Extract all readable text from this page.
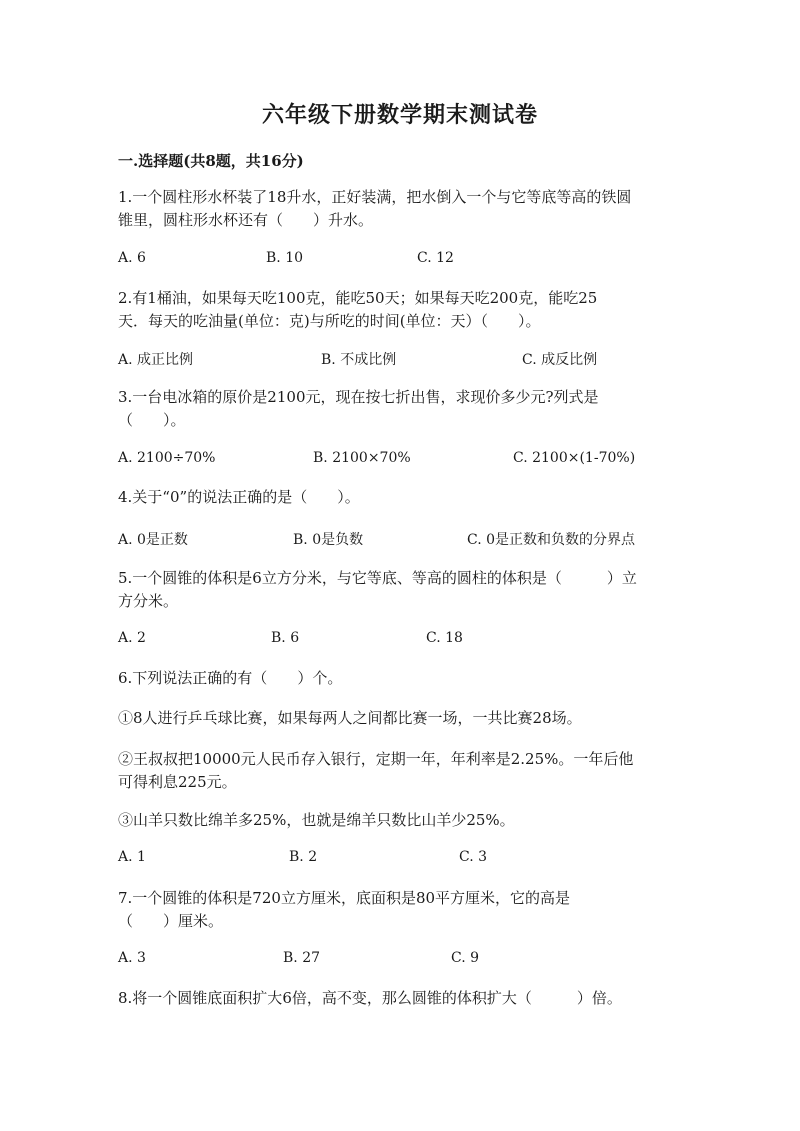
六年级下册数学期末测试卷
一.选择题(共8题，共16分)
1.一个圆柱形水杯装了18升水，正好装满，把水倒入一个与它等底等高的铁圆
锥里，圆柱形水杯还有（　　）升水。
A. 6	B. 10	C. 12
2.有1桶油，如果每天吃100克，能吃50天；如果每天吃200克，能吃25
天．每天的吃油量(单位：克)与所吃的时间(单位：天）（　　）。
A. 成正比例	B. 不成比例	C. 成反比例
3.一台电冰箱的原价是2100元，现在按七折出售，求现价多少元?列式是
（　　）。
A. 2100÷70%	B. 2100×70%	C. 2100×(1-70%)
4.关于“0”的说法正确的是（　　）。
A. 0是正数	B. 0是负数	C. 0是正数和负数的分界点
5.一个圆锥的体积是6立方分米，与它等底、等高的圆柱的体积是（　　　）立
方分米。
A. 2	B. 6	C. 18
6.下列说法正确的有（　　）个。
①8人进行乒乓球比赛，如果每两人之间都比赛一场，一共比赛28场。
②王叔叔把10000元人民币存入银行，定期一年，年利率是2.25%。一年后他
可得利息225元。
③山羊只数比绵羊多25%，也就是绵羊只数比山羊少25%。
A. 1	B. 2	C. 3
7.一个圆锥的体积是720立方厘米，底面积是80平方厘米，它的高是
（　　）厘米。
A. 3	B. 27	C. 9
8.将一个圆锥底面积扩大6倍，高不变，那么圆锥的体积扩大（　　　）倍。
